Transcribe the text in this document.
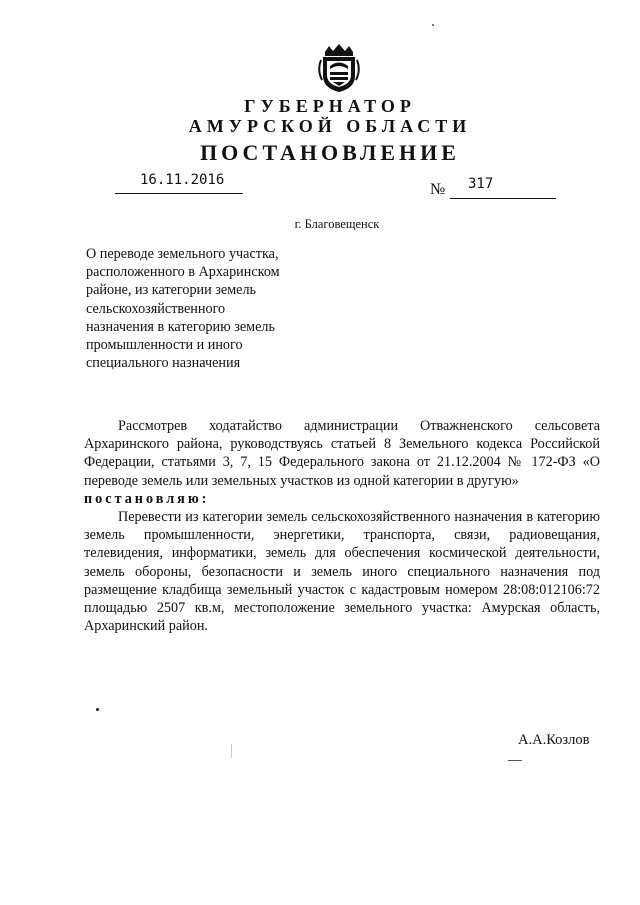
ГУБЕРНАТОР
АМУРСКОЙ ОБЛАСТИ
ПОСТАНОВЛЕНИЕ
16.11.2016
№ 317
г. Благовещенск
О переводе земельного участка,
расположенного в Архаринском
районе, из категории земель
сельскохозяйственного
назначения в категорию земель
промышленности и иного
специального назначения

Рассмотрев ходатайство администрации Отважненского сельсовета Архаринского района, руководствуясь статьей 8 Земельного кодекса Российской Федерации, статьями 3, 7, 15 Федерального закона от 21.12.2004 № 172-ФЗ «О переводе земель или земельных участков из одной категории в другую»

постановляю:

Перевести из категории земель сельскохозяйственного назначения в категорию земель промышленности, энергетики, транспорта, связи, радиовещания, телевидения, информатики, земель для обеспечения космической деятельности, земель обороны, безопасности и земель иного специального назначения под размещение кладбища земельный участок с кадастровым номером 28:08:012106:72 площадью 2507 кв.м, местоположение земельного участка: Амурская область, Архаринский район.

А.А.Козлов
